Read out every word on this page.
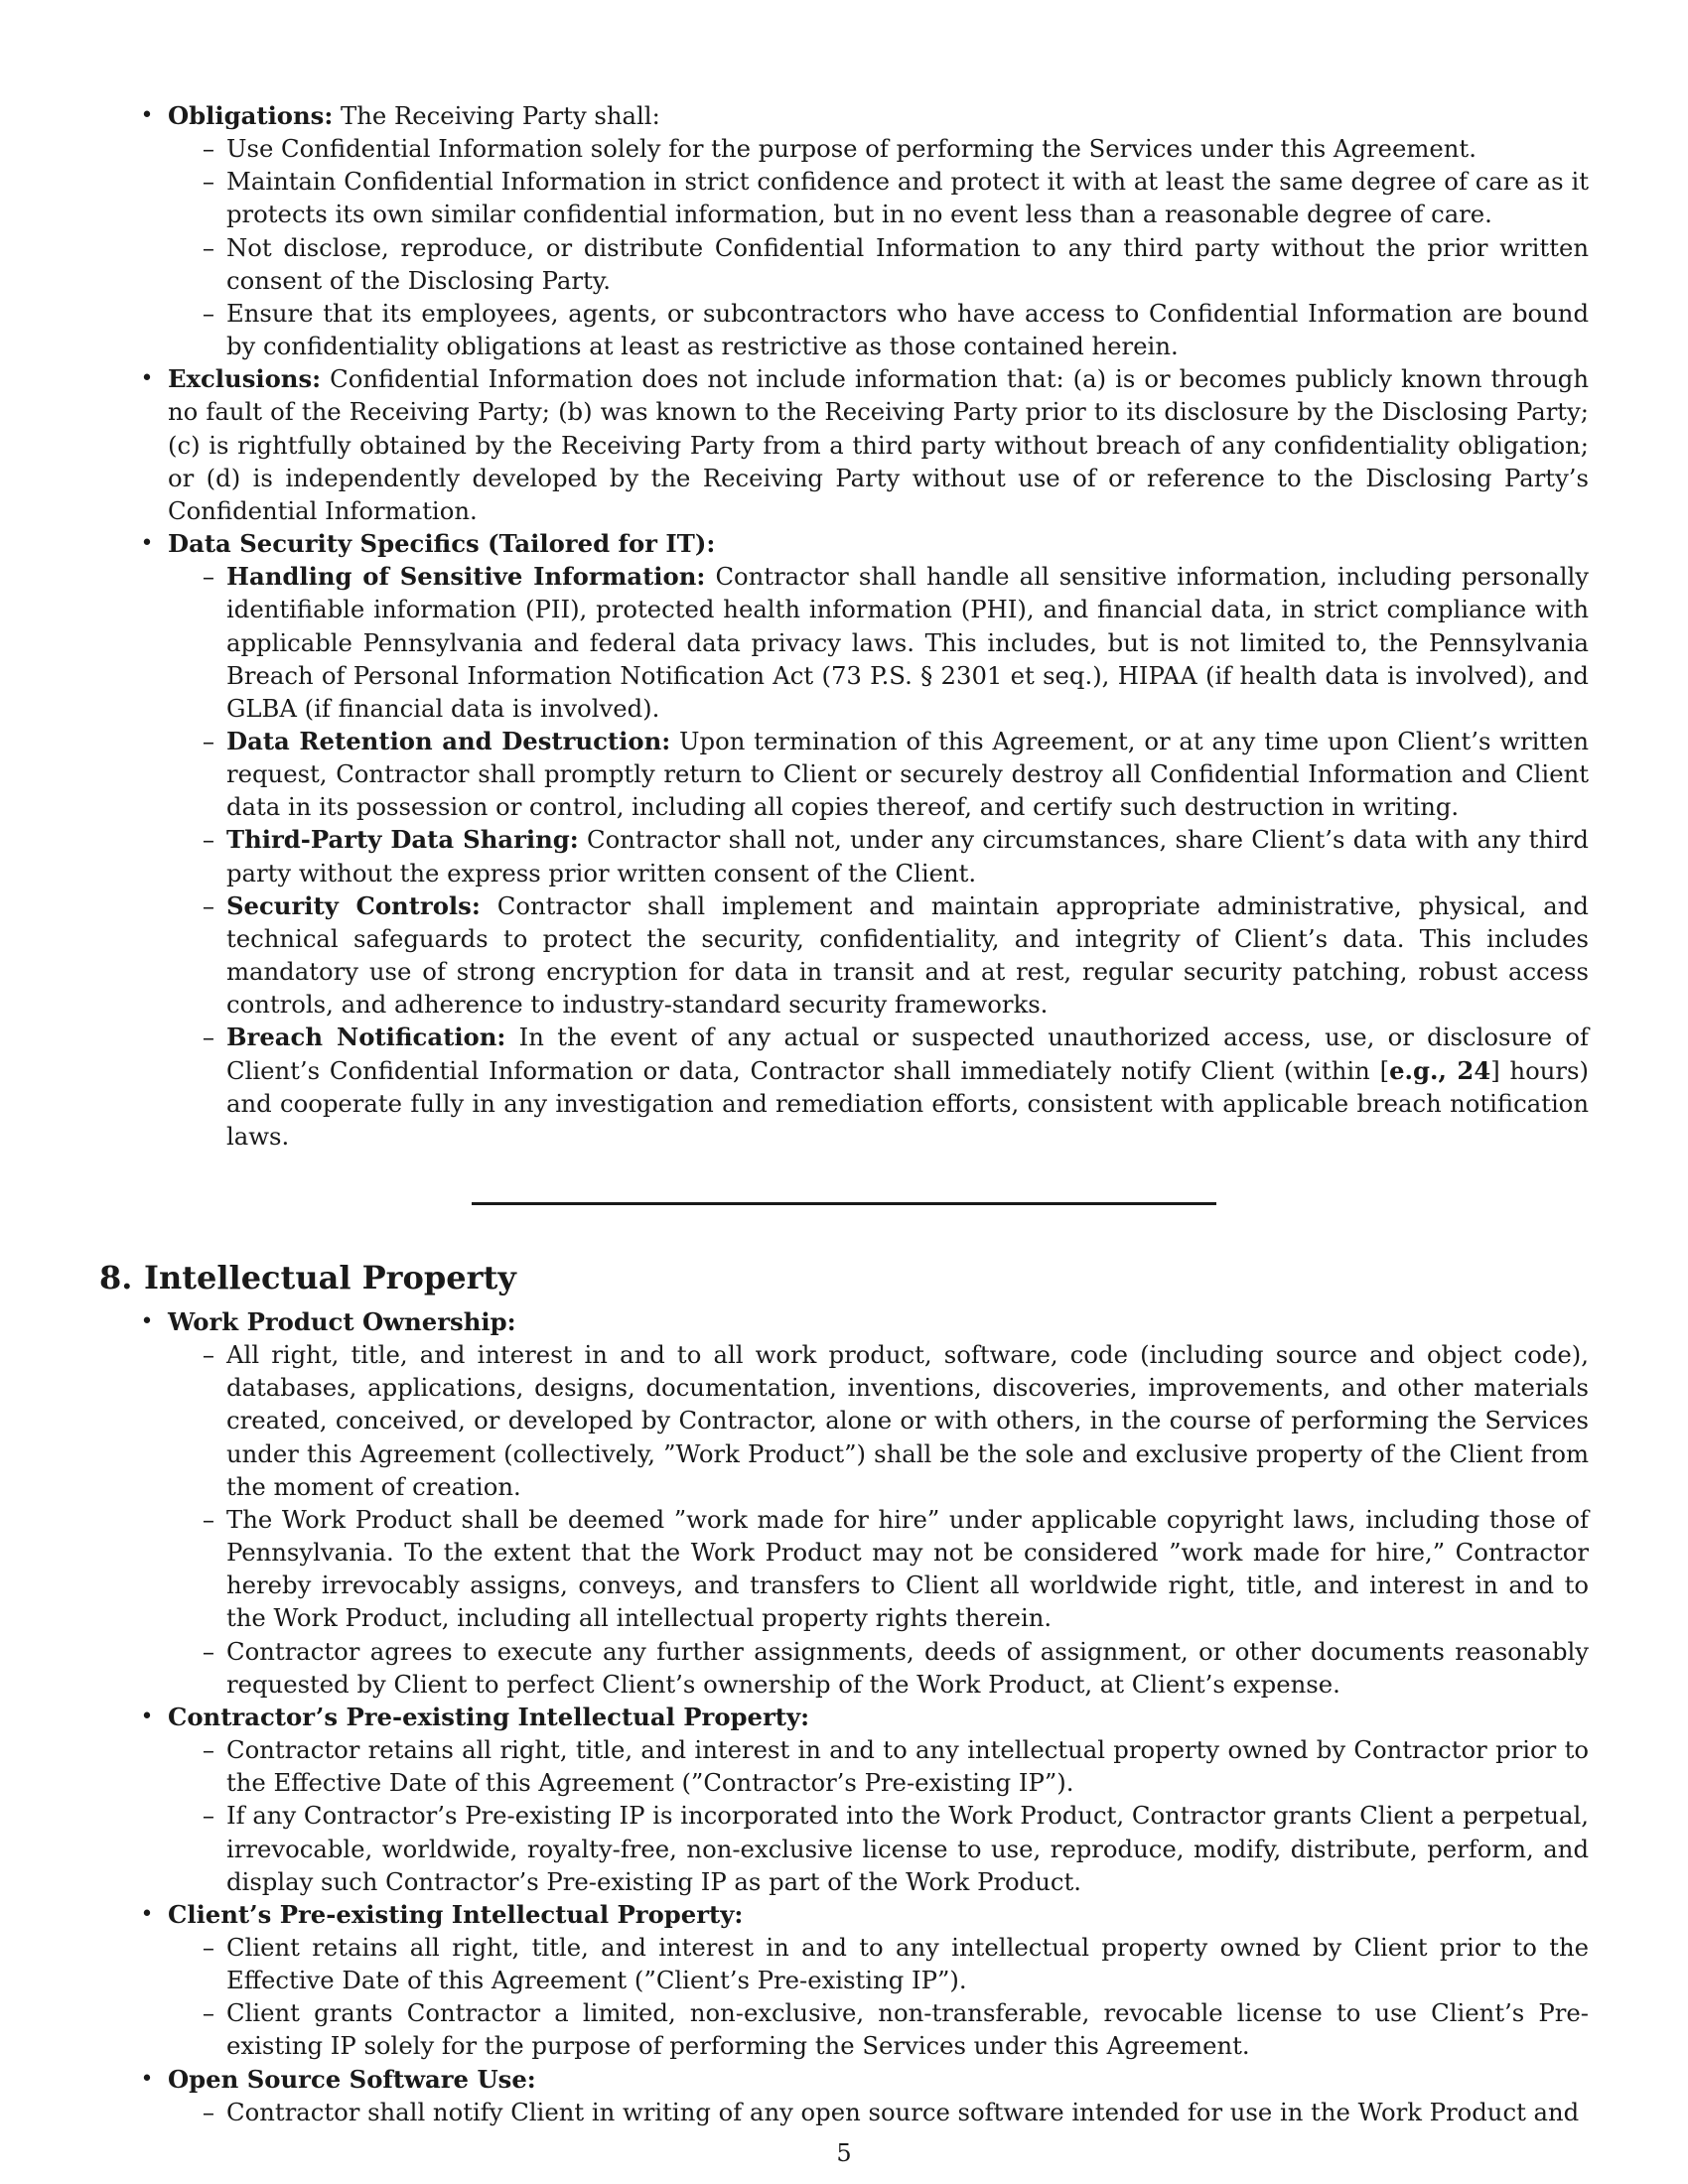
• Obligations: The Receiving Party shall:

– Use Confidential Information solely for the purpose of performing the Services under this Agreement.

– Maintain Confidential Information in strict confidence and protect it with at least the same degree of care as it protects its own similar confidential information, but in no event less than a reasonable degree of care.

– Not disclose, reproduce, or distribute Confidential Information to any third party without the prior written consent of the Disclosing Party.

– Ensure that its employees, agents, or subcontractors who have access to Confidential Information are bound by confidentiality obligations at least as restrictive as those contained herein.

• Exclusions: Confidential Information does not include information that: (a) is or becomes publicly known through no fault of the Receiving Party; (b) was known to the Receiving Party prior to its disclosure by the Disclosing Party; (c) is rightfully obtained by the Receiving Party from a third party without breach of any confidentiality obligation; or (d) is independently developed by the Receiving Party without use of or reference to the Disclosing Party’s Confidential Information.

• Data Security Specifics (Tailored for IT):

– Handling of Sensitive Information: Contractor shall handle all sensitive information, including personally identifiable information (PII), protected health information (PHI), and financial data, in strict compliance with applicable Pennsylvania and federal data privacy laws. This includes, but is not limited to, the Pennsylvania Breach of Personal Information Notification Act (73 P.S. § 2301 et seq.), HIPAA (if health data is involved), and GLBA (if financial data is involved).

– Data Retention and Destruction: Upon termination of this Agreement, or at any time upon Client’s written request, Contractor shall promptly return to Client or securely destroy all Confidential Information and Client data in its possession or control, including all copies thereof, and certify such destruction in writing.

– Third-Party Data Sharing: Contractor shall not, under any circumstances, share Client’s data with any third party without the express prior written consent of the Client.

– Security Controls: Contractor shall implement and maintain appropriate administrative, physical, and technical safeguards to protect the security, confidentiality, and integrity of Client’s data. This includes mandatory use of strong encryption for data in transit and at rest, regular security patching, robust access controls, and adherence to industry-standard security frameworks.

– Breach Notification: In the event of any actual or suspected unauthorized access, use, or disclosure of Client’s Confidential Information or data, Contractor shall immediately notify Client (within [e.g., 24] hours) and cooperate fully in any investigation and remediation efforts, consistent with applicable breach notification laws.

8. Intellectual Property
• Work Product Ownership:

– All right, title, and interest in and to all work product, software, code (including source and object code), databases, applications, designs, documentation, inventions, discoveries, improvements, and other materials created, conceived, or developed by Contractor, alone or with others, in the course of performing the Services under this Agreement (collectively, ”Work Product”) shall be the sole and exclusive property of the Client from the moment of creation.

– The Work Product shall be deemed ”work made for hire” under applicable copyright laws, including those of Pennsylvania. To the extent that the Work Product may not be considered ”work made for hire,” Contractor hereby irrevocably assigns, conveys, and transfers to Client all worldwide right, title, and interest in and to the Work Product, including all intellectual property rights therein.

– Contractor agrees to execute any further assignments, deeds of assignment, or other documents reasonably requested by Client to perfect Client’s ownership of the Work Product, at Client’s expense.

• Contractor’s Pre-existing Intellectual Property:

– Contractor retains all right, title, and interest in and to any intellectual property owned by Contractor prior to the Effective Date of this Agreement (”Contractor’s Pre-existing IP”).

– If any Contractor’s Pre-existing IP is incorporated into the Work Product, Contractor grants Client a perpetual, irrevocable, worldwide, royalty-free, non-exclusive license to use, reproduce, modify, distribute, perform, and display such Contractor’s Pre-existing IP as part of the Work Product.

• Client’s Pre-existing Intellectual Property:

– Client retains all right, title, and interest in and to any intellectual property owned by Client prior to the Effective Date of this Agreement (”Client’s Pre-existing IP”).

– Client grants Contractor a limited, non-exclusive, non-transferable, revocable license to use Client’s Pre-existing IP solely for the purpose of performing the Services under this Agreement.

• Open Source Software Use:

– Contractor shall notify Client in writing of any open source software intended for use in the Work Product and

5
